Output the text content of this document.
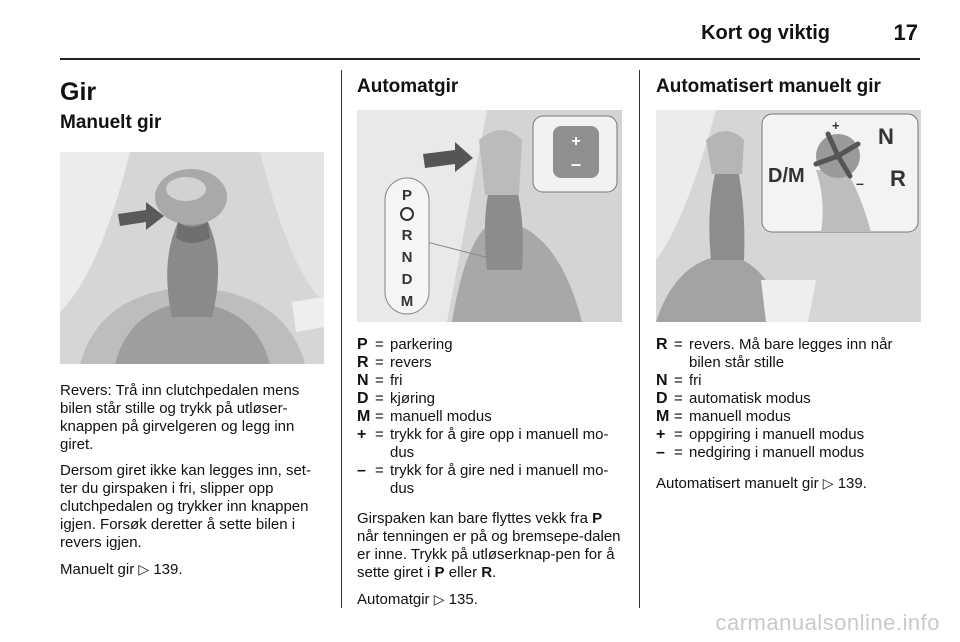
Kort og viktig	17
Gir
Manuelt gir

Revers: Trå inn clutchpedalen mens bilen står stille og trykk på utløser-knappen på girvelgeren og legg inn giret.

Dersom giret ikke kan legges inn, set-ter du girspaken i fri, slipper opp clutchpedalen og trykker inn knappen igjen. Forsøk deretter å sette bilen i revers igjen.

Manuelt gir ▷ 139.

Automatgir
+
–
P
R
N
D
M
P = parkering
R = revers
N = fri
D = kjøring
M = manuell modus
+ = trykk for å gire opp i manuell mo-dus
– = trykk for å gire ned i manuell mo-dus

Girspaken kan bare flyttes vekk fra P når tenningen er på og bremsepe-dalen er inne. Trykk på utløserknap-pen for å sette giret i P eller R.

Automatgir ▷ 135.

Automatisert manuelt gir
+
–
D/M
N
R
R = revers. Må bare legges inn når bilen står stille
N = fri
D = automatisk modus
M = manuell modus
+ = oppgiring i manuell modus
– = nedgiring i manuell modus

Automatisert manuelt gir ▷ 139.

carmanualsonline.info
